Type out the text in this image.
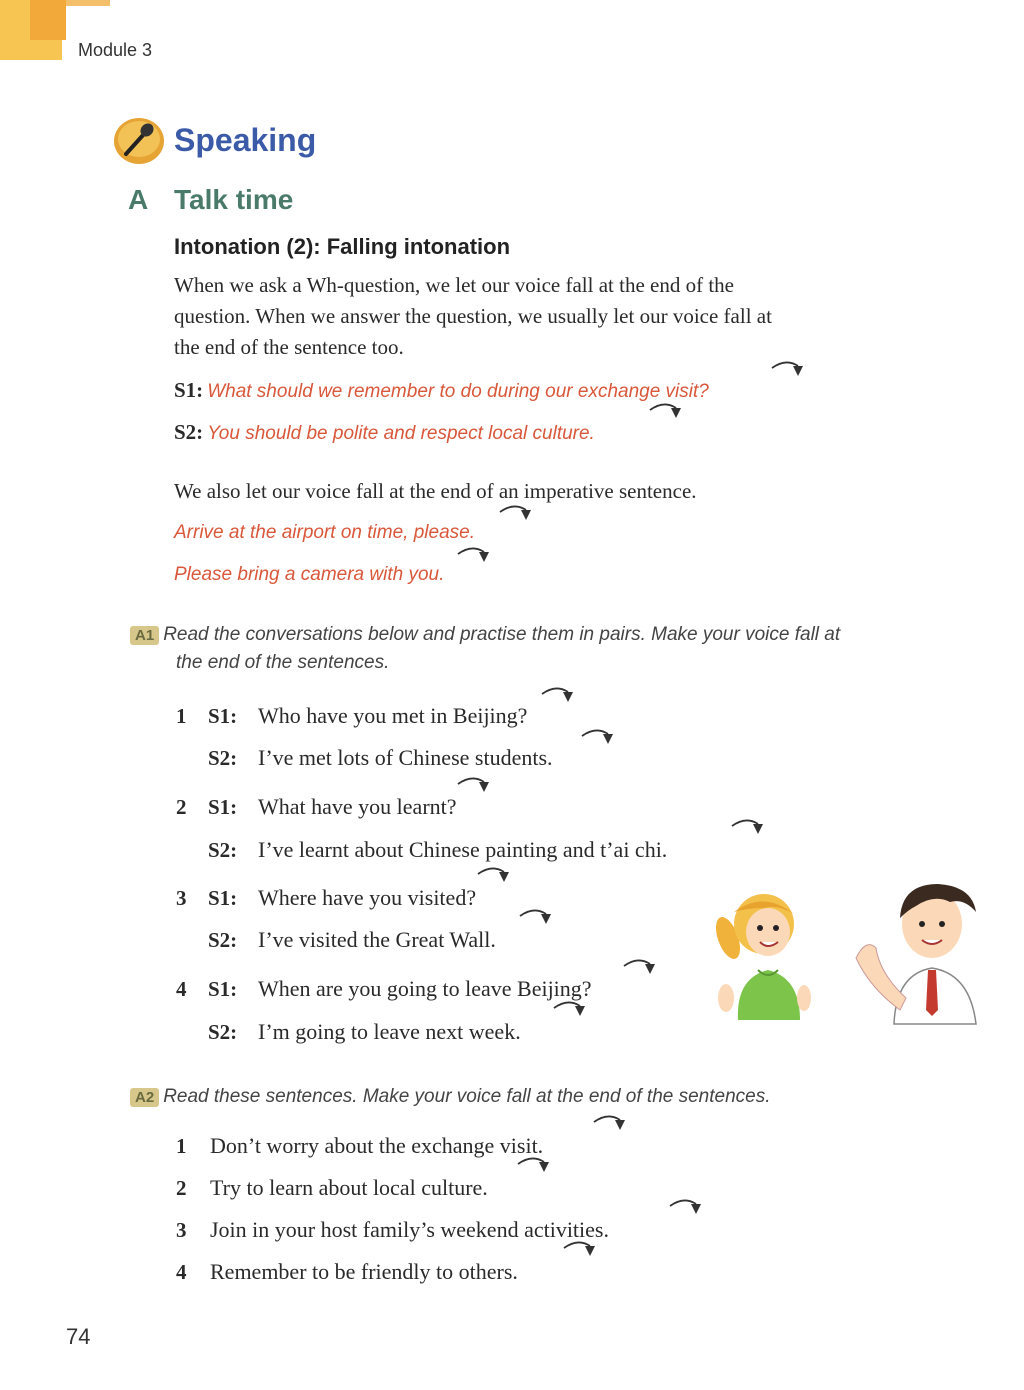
Module 3
Speaking
A Talk time
Intonation (2): Falling intonation
When we ask a Wh-question, we let our voice fall at the end of the
question. When we answer the question, we usually let our voice fall at
the end of the sentence too.
S1: What should we remember to do during our exchange visit?
S2: You should be polite and respect local culture.
We also let our voice fall at the end of an imperative sentence.
Arrive at the airport on time, please.
Please bring a camera with you.
A1 Read the conversations below and practise them in pairs. Make your voice fall at
the end of the sentences.
1 S1: Who have you met in Beijing?
S2: I’ve met lots of Chinese students.
2 S1: What have you learnt?
S2: I’ve learnt about Chinese painting and t’ai chi.
3 S1: Where have you visited?
S2: I’ve visited the Great Wall.
4 S1: When are you going to leave Beijing?
S2: I’m going to leave next week.
A2 Read these sentences. Make your voice fall at the end of the sentences.
1 Don’t worry about the exchange visit.
2 Try to learn about local culture.
3 Join in your host family’s weekend activities.
4 Remember to be friendly to others.
74
